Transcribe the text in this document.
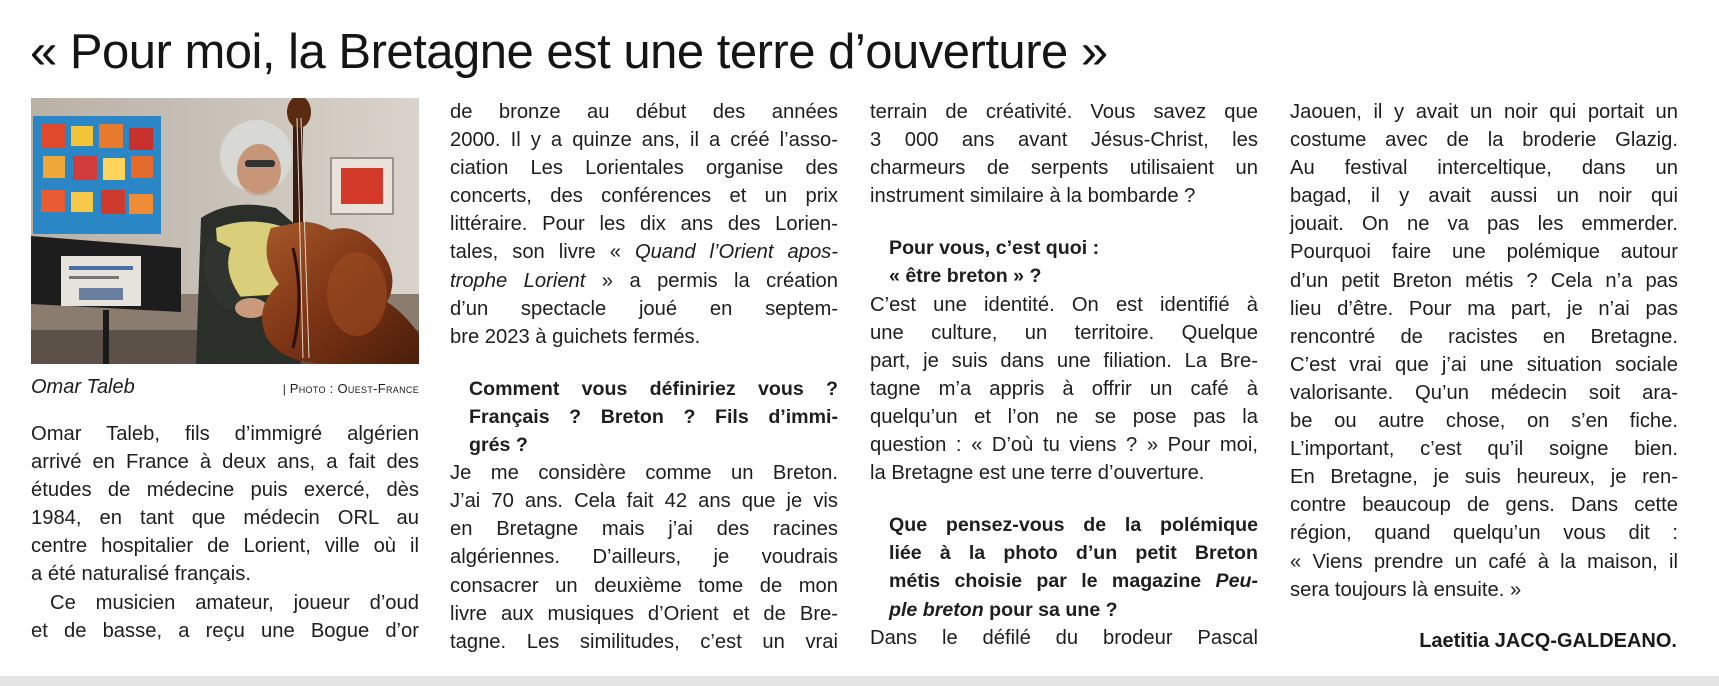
« Pour moi, la Bretagne est une terre d’ouverture »
Omar Taleb	| Photo : Ouest-France
Omar Taleb, fils d’immigré algérien
arrivé en France à deux ans, a fait des
études de médecine puis exercé, dès
1984, en tant que médecin ORL au
centre hospitalier de Lorient, ville où il
a été naturalisé français.
Ce musicien amateur, joueur d’oud
et de basse, a reçu une Bogue d’or
de bronze au début des années
2000. Il y a quinze ans, il a créé l’asso-
ciation Les Lorientales organise des
concerts, des conférences et un prix
littéraire. Pour les dix ans des Lorien-
tales, son livre « Quand l’Orient apos-
trophe Lorient » a permis la création
d’un spectacle joué en septem-
bre 2023 à guichets fermés.
Comment vous définiriez vous ?
Français ? Breton ? Fils d’immi-
grés ?
Je me considère comme un Breton.
J’ai 70 ans. Cela fait 42 ans que je vis
en Bretagne mais j’ai des racines
algériennes. D’ailleurs, je voudrais
consacrer un deuxième tome de mon
livre aux musiques d’Orient et de Bre-
tagne. Les similitudes, c’est un vrai
terrain de créativité. Vous savez que
3 000 ans avant Jésus-Christ, les
charmeurs de serpents utilisaient un
instrument similaire à la bombarde ?
Pour vous, c’est quoi :
« être breton » ?
C’est une identité. On est identifié à
une culture, un territoire. Quelque
part, je suis dans une filiation. La Bre-
tagne m’a appris à offrir un café à
quelqu’un et l’on ne se pose pas la
question : « D’où tu viens ? » Pour moi,
la Bretagne est une terre d’ouverture.
Que pensez-vous de la polémique
liée à la photo d’un petit Breton
métis choisie par le magazine Peu-
ple breton pour sa une ?
Dans le défilé du brodeur Pascal
Jaouen, il y avait un noir qui portait un
costume avec de la broderie Glazig.
Au festival interceltique, dans un
bagad, il y avait aussi un noir qui
jouait. On ne va pas les emmerder.
Pourquoi faire une polémique autour
d’un petit Breton métis ? Cela n’a pas
lieu d’être. Pour ma part, je n’ai pas
rencontré de racistes en Bretagne.
C’est vrai que j’ai une situation sociale
valorisante. Qu’un médecin soit ara-
be ou autre chose, on s’en fiche.
L’important, c’est qu’il soigne bien.
En Bretagne, je suis heureux, je ren-
contre beaucoup de gens. Dans cette
région, quand quelqu’un vous dit :
« Viens prendre un café à la maison, il
sera toujours là ensuite. »
Laetitia JACQ-GALDEANO.
